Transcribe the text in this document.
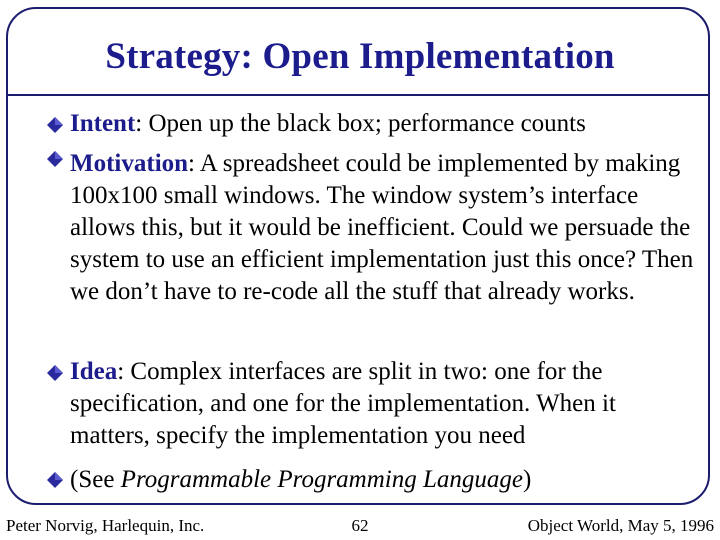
Strategy: Open Implementation
Intent: Open up the black box; performance counts
Motivation: A spreadsheet could be implemented by making 100x100 small windows. The window system’s interface allows this, but it would be inefficient. Could we persuade the system to use an efficient implementation just this once? Then we don’t have to re-code all the stuff that already works.
Idea: Complex interfaces are split in two: one for the specification, and one for the implementation. When it matters, specify the implementation you need
(See Programmable Programming Language)
Peter Norvig, Harlequin, Inc.	62	Object World, May 5, 1996
